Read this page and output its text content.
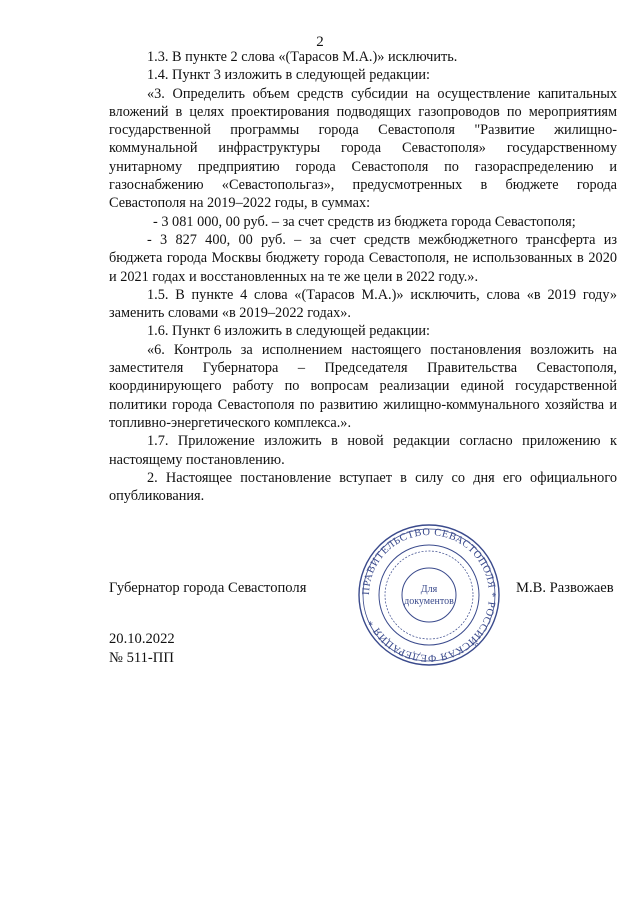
2

1.3. В пункте 2 слова «(Тарасов М.А.)» исключить.

1.4. Пункт 3 изложить в следующей редакции:

«3. Определить объем средств субсидии на осуществление капитальных вложений в целях проектирования подводящих газопроводов по мероприятиям государственной программы города Севастополя "Развитие жилищно-коммунальной инфраструктуры города Севастополя» государственному унитарному предприятию города Севастополя по газораспределению и газоснабжению «Севастопольгаз», предусмотренных в бюджете города Севастополя на 2019–2022 годы, в суммах:

- 3 081 000, 00 руб. – за счет средств из бюджета города Севастополя;

- 3 827 400, 00 руб. – за счет средств межбюджетного трансферта из бюджета города Москвы бюджету города Севастополя, не использованных в 2020 и 2021 годах и восстановленных на те же цели в 2022 году.».

1.5. В пункте 4 слова «(Тарасов М.А.)» исключить, слова «в 2019 году» заменить словами «в 2019–2022 годах».

1.6. Пункт 6 изложить в следующей редакции:

«6. Контроль за исполнением настоящего постановления возложить на заместителя Губернатора – Председателя Правительства Севастополя, координирующего работу по вопросам реализации единой государственной политики города Севастополя по развитию жилищно-коммунального хозяйства и топливно-энергетического комплекса.».

1.7. Приложение изложить в новой редакции согласно приложению к настоящему постановлению.

2. Настоящее постановление вступает в силу со дня его официального опубликования.

Губернатор города Севастополя	М.В. Развожаев
20.10.2022
№ 511-ПП
ПРАВИТЕЛЬСТВО СЕВАСТОПОЛЯ * РОССИЙСКАЯ ФЕДЕРАЦИЯ *
Для
документов
